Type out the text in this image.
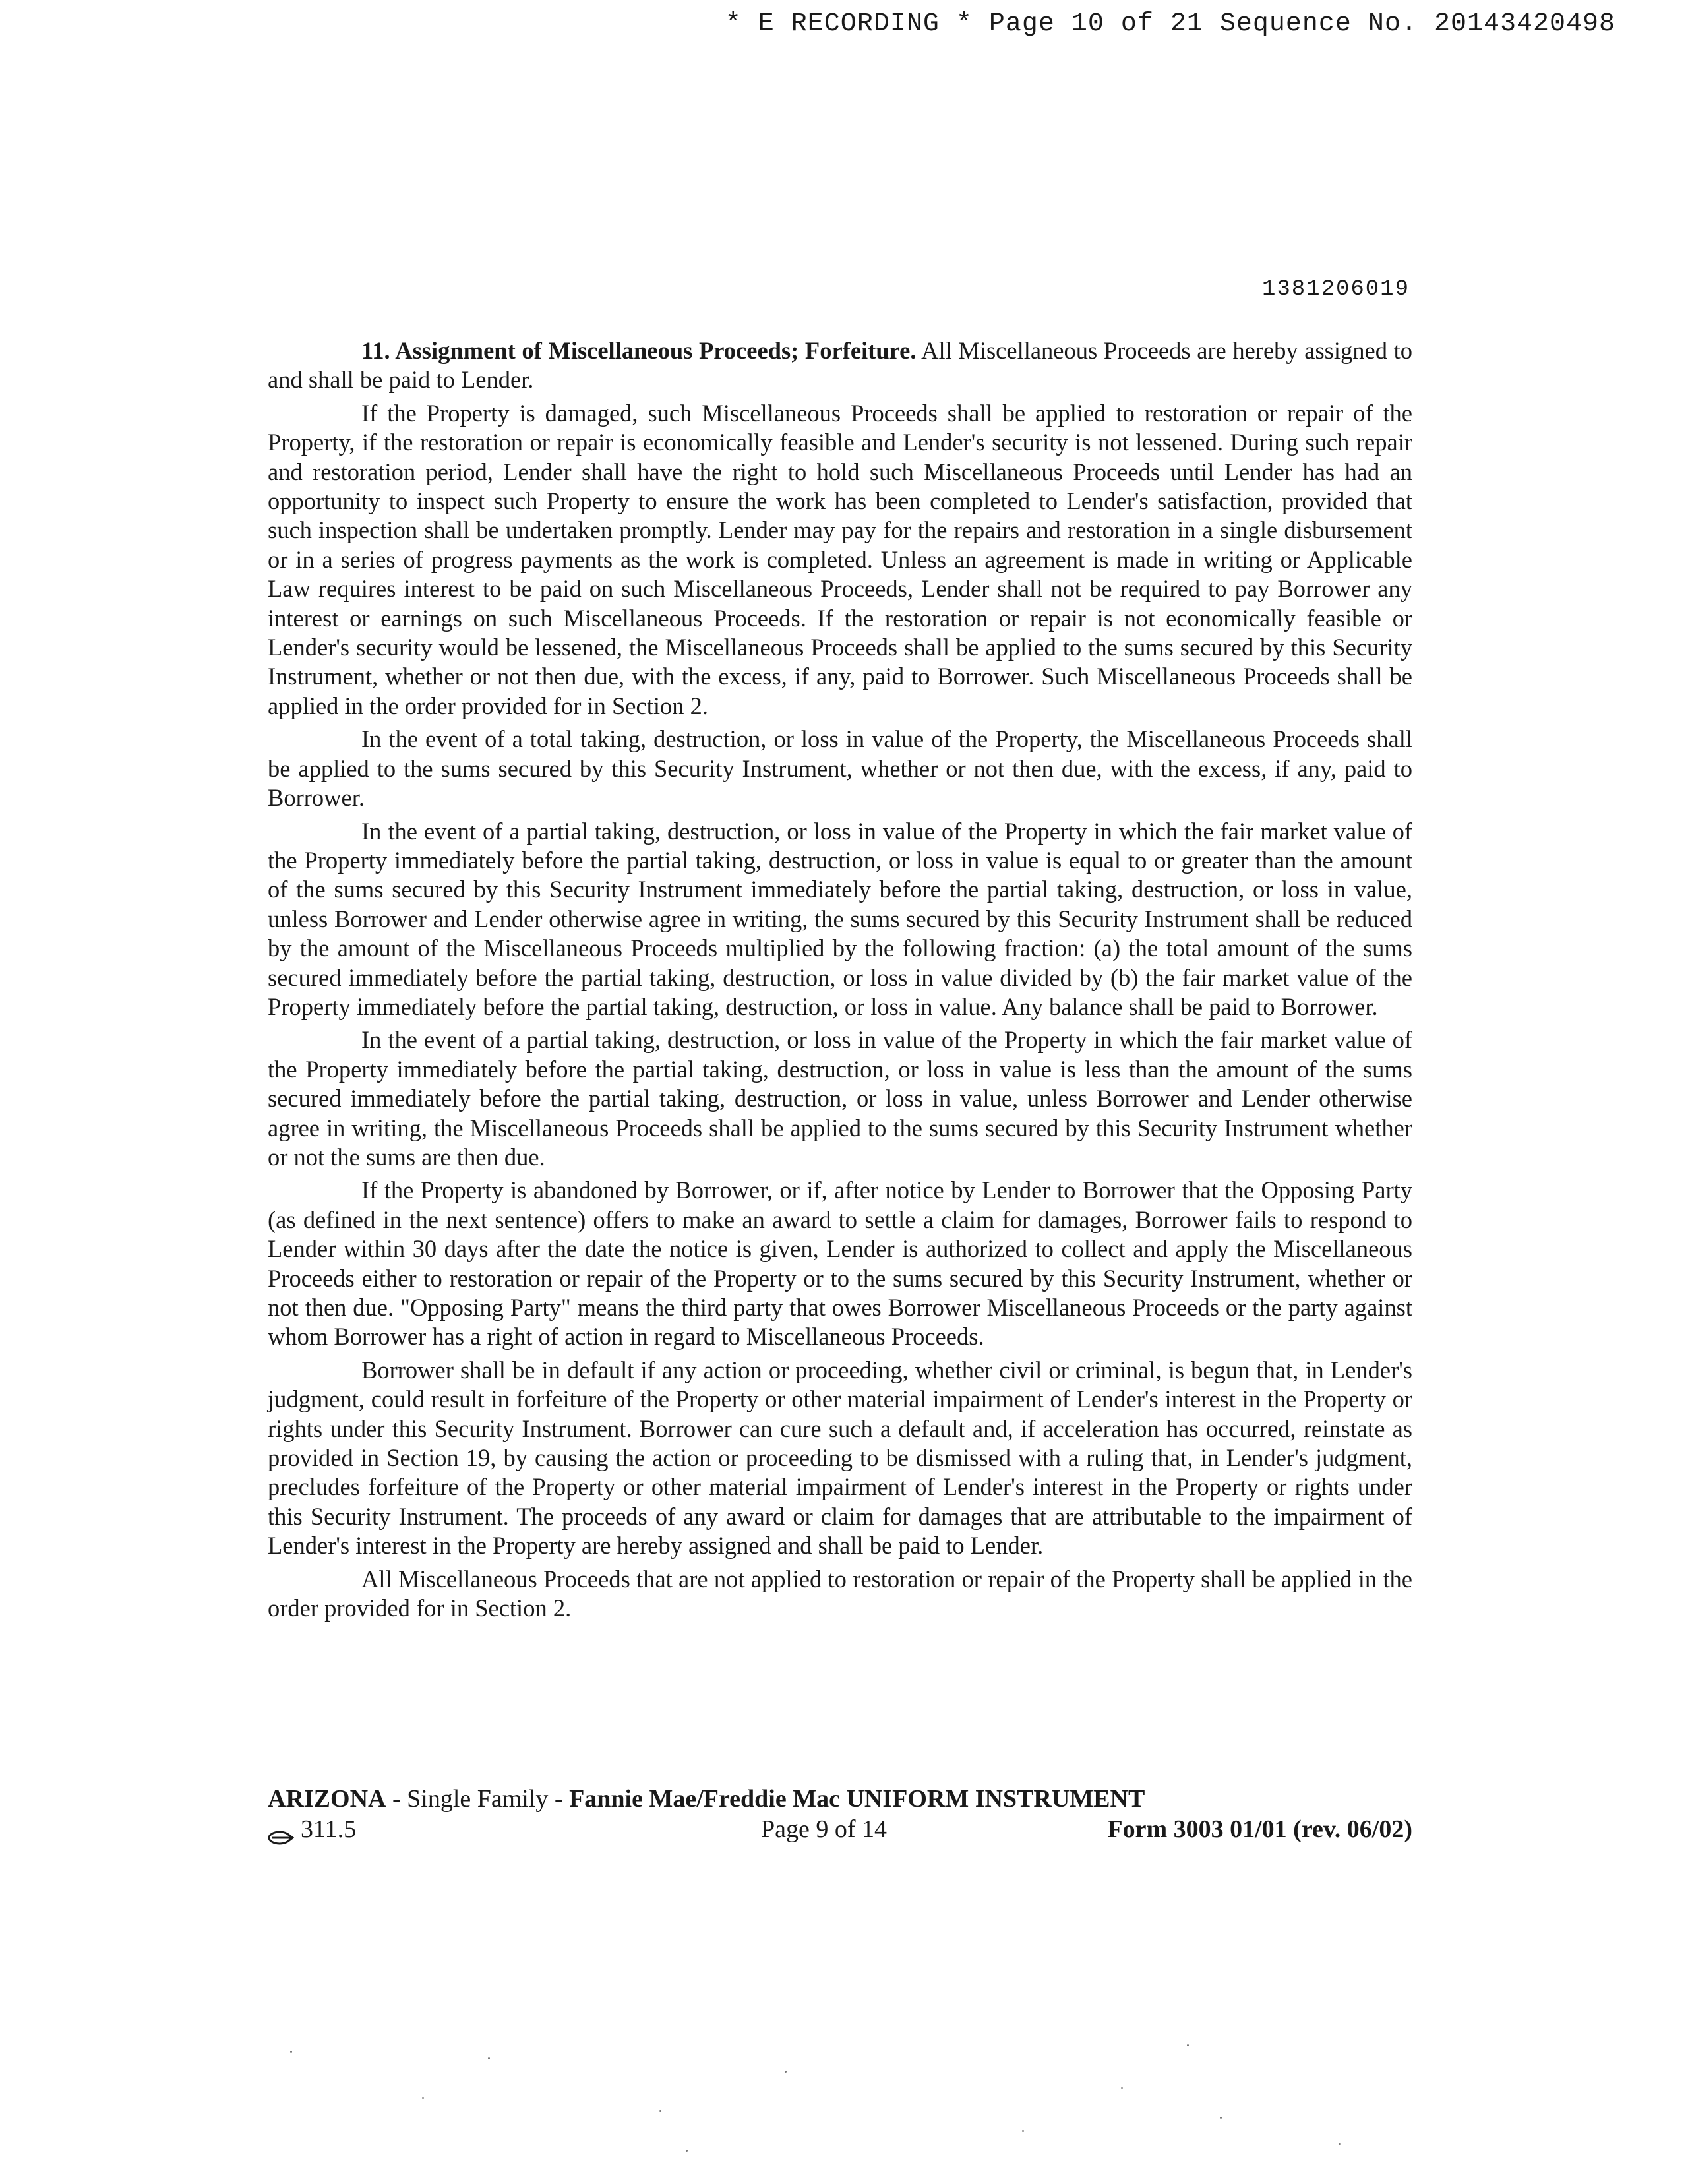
* E RECORDING * Page 10 of 21 Sequence No. 20143420498
1381206019

11. Assignment of Miscellaneous Proceeds; Forfeiture. All Miscellaneous Proceeds are hereby assigned to and shall be paid to Lender.

If the Property is damaged, such Miscellaneous Proceeds shall be applied to restoration or repair of the Property, if the restoration or repair is economically feasible and Lender's security is not lessened. During such repair and restoration period, Lender shall have the right to hold such Miscellaneous Proceeds until Lender has had an opportunity to inspect such Property to ensure the work has been completed to Lender's satisfaction, provided that such inspection shall be undertaken promptly. Lender may pay for the repairs and restoration in a single disbursement or in a series of progress payments as the work is completed. Unless an agreement is made in writing or Applicable Law requires interest to be paid on such Miscellaneous Proceeds, Lender shall not be required to pay Borrower any interest or earnings on such Miscellaneous Proceeds. If the restoration or repair is not economically feasible or Lender's security would be lessened, the Miscellaneous Proceeds shall be applied to the sums secured by this Security Instrument, whether or not then due, with the excess, if any, paid to Borrower. Such Miscellaneous Proceeds shall be applied in the order provided for in Section 2.

In the event of a total taking, destruction, or loss in value of the Property, the Miscellaneous Proceeds shall be applied to the sums secured by this Security Instrument, whether or not then due, with the excess, if any, paid to Borrower.

In the event of a partial taking, destruction, or loss in value of the Property in which the fair market value of the Property immediately before the partial taking, destruction, or loss in value is equal to or greater than the amount of the sums secured by this Security Instrument immediately before the partial taking, destruction, or loss in value, unless Borrower and Lender otherwise agree in writing, the sums secured by this Security Instrument shall be reduced by the amount of the Miscellaneous Proceeds multiplied by the following fraction: (a) the total amount of the sums secured immediately before the partial taking, destruction, or loss in value divided by (b) the fair market value of the Property immediately before the partial taking, destruction, or loss in value. Any balance shall be paid to Borrower.

In the event of a partial taking, destruction, or loss in value of the Property in which the fair market value of the Property immediately before the partial taking, destruction, or loss in value is less than the amount of the sums secured immediately before the partial taking, destruction, or loss in value, unless Borrower and Lender otherwise agree in writing, the Miscellaneous Proceeds shall be applied to the sums secured by this Security Instrument whether or not the sums are then due.

If the Property is abandoned by Borrower, or if, after notice by Lender to Borrower that the Opposing Party (as defined in the next sentence) offers to make an award to settle a claim for damages, Borrower fails to respond to Lender within 30 days after the date the notice is given, Lender is authorized to collect and apply the Miscellaneous Proceeds either to restoration or repair of the Property or to the sums secured by this Security Instrument, whether or not then due. "Opposing Party" means the third party that owes Borrower Miscellaneous Proceeds or the party against whom Borrower has a right of action in regard to Miscellaneous Proceeds.

Borrower shall be in default if any action or proceeding, whether civil or criminal, is begun that, in Lender's judgment, could result in forfeiture of the Property or other material impairment of Lender's interest in the Property or rights under this Security Instrument. Borrower can cure such a default and, if acceleration has occurred, reinstate as provided in Section 19, by causing the action or proceeding to be dismissed with a ruling that, in Lender's judgment, precludes forfeiture of the Property or other material impairment of Lender's interest in the Property or rights under this Security Instrument. The proceeds of any award or claim for damages that are attributable to the impairment of Lender's interest in the Property are hereby assigned and shall be paid to Lender.

All Miscellaneous Proceeds that are not applied to restoration or repair of the Property shall be applied in the order provided for in Section 2.

ARIZONA - Single Family - Fannie Mae/Freddie Mac UNIFORM INSTRUMENT
311.5	Page 9 of 14	Form 3003 01/01 (rev. 06/02)
